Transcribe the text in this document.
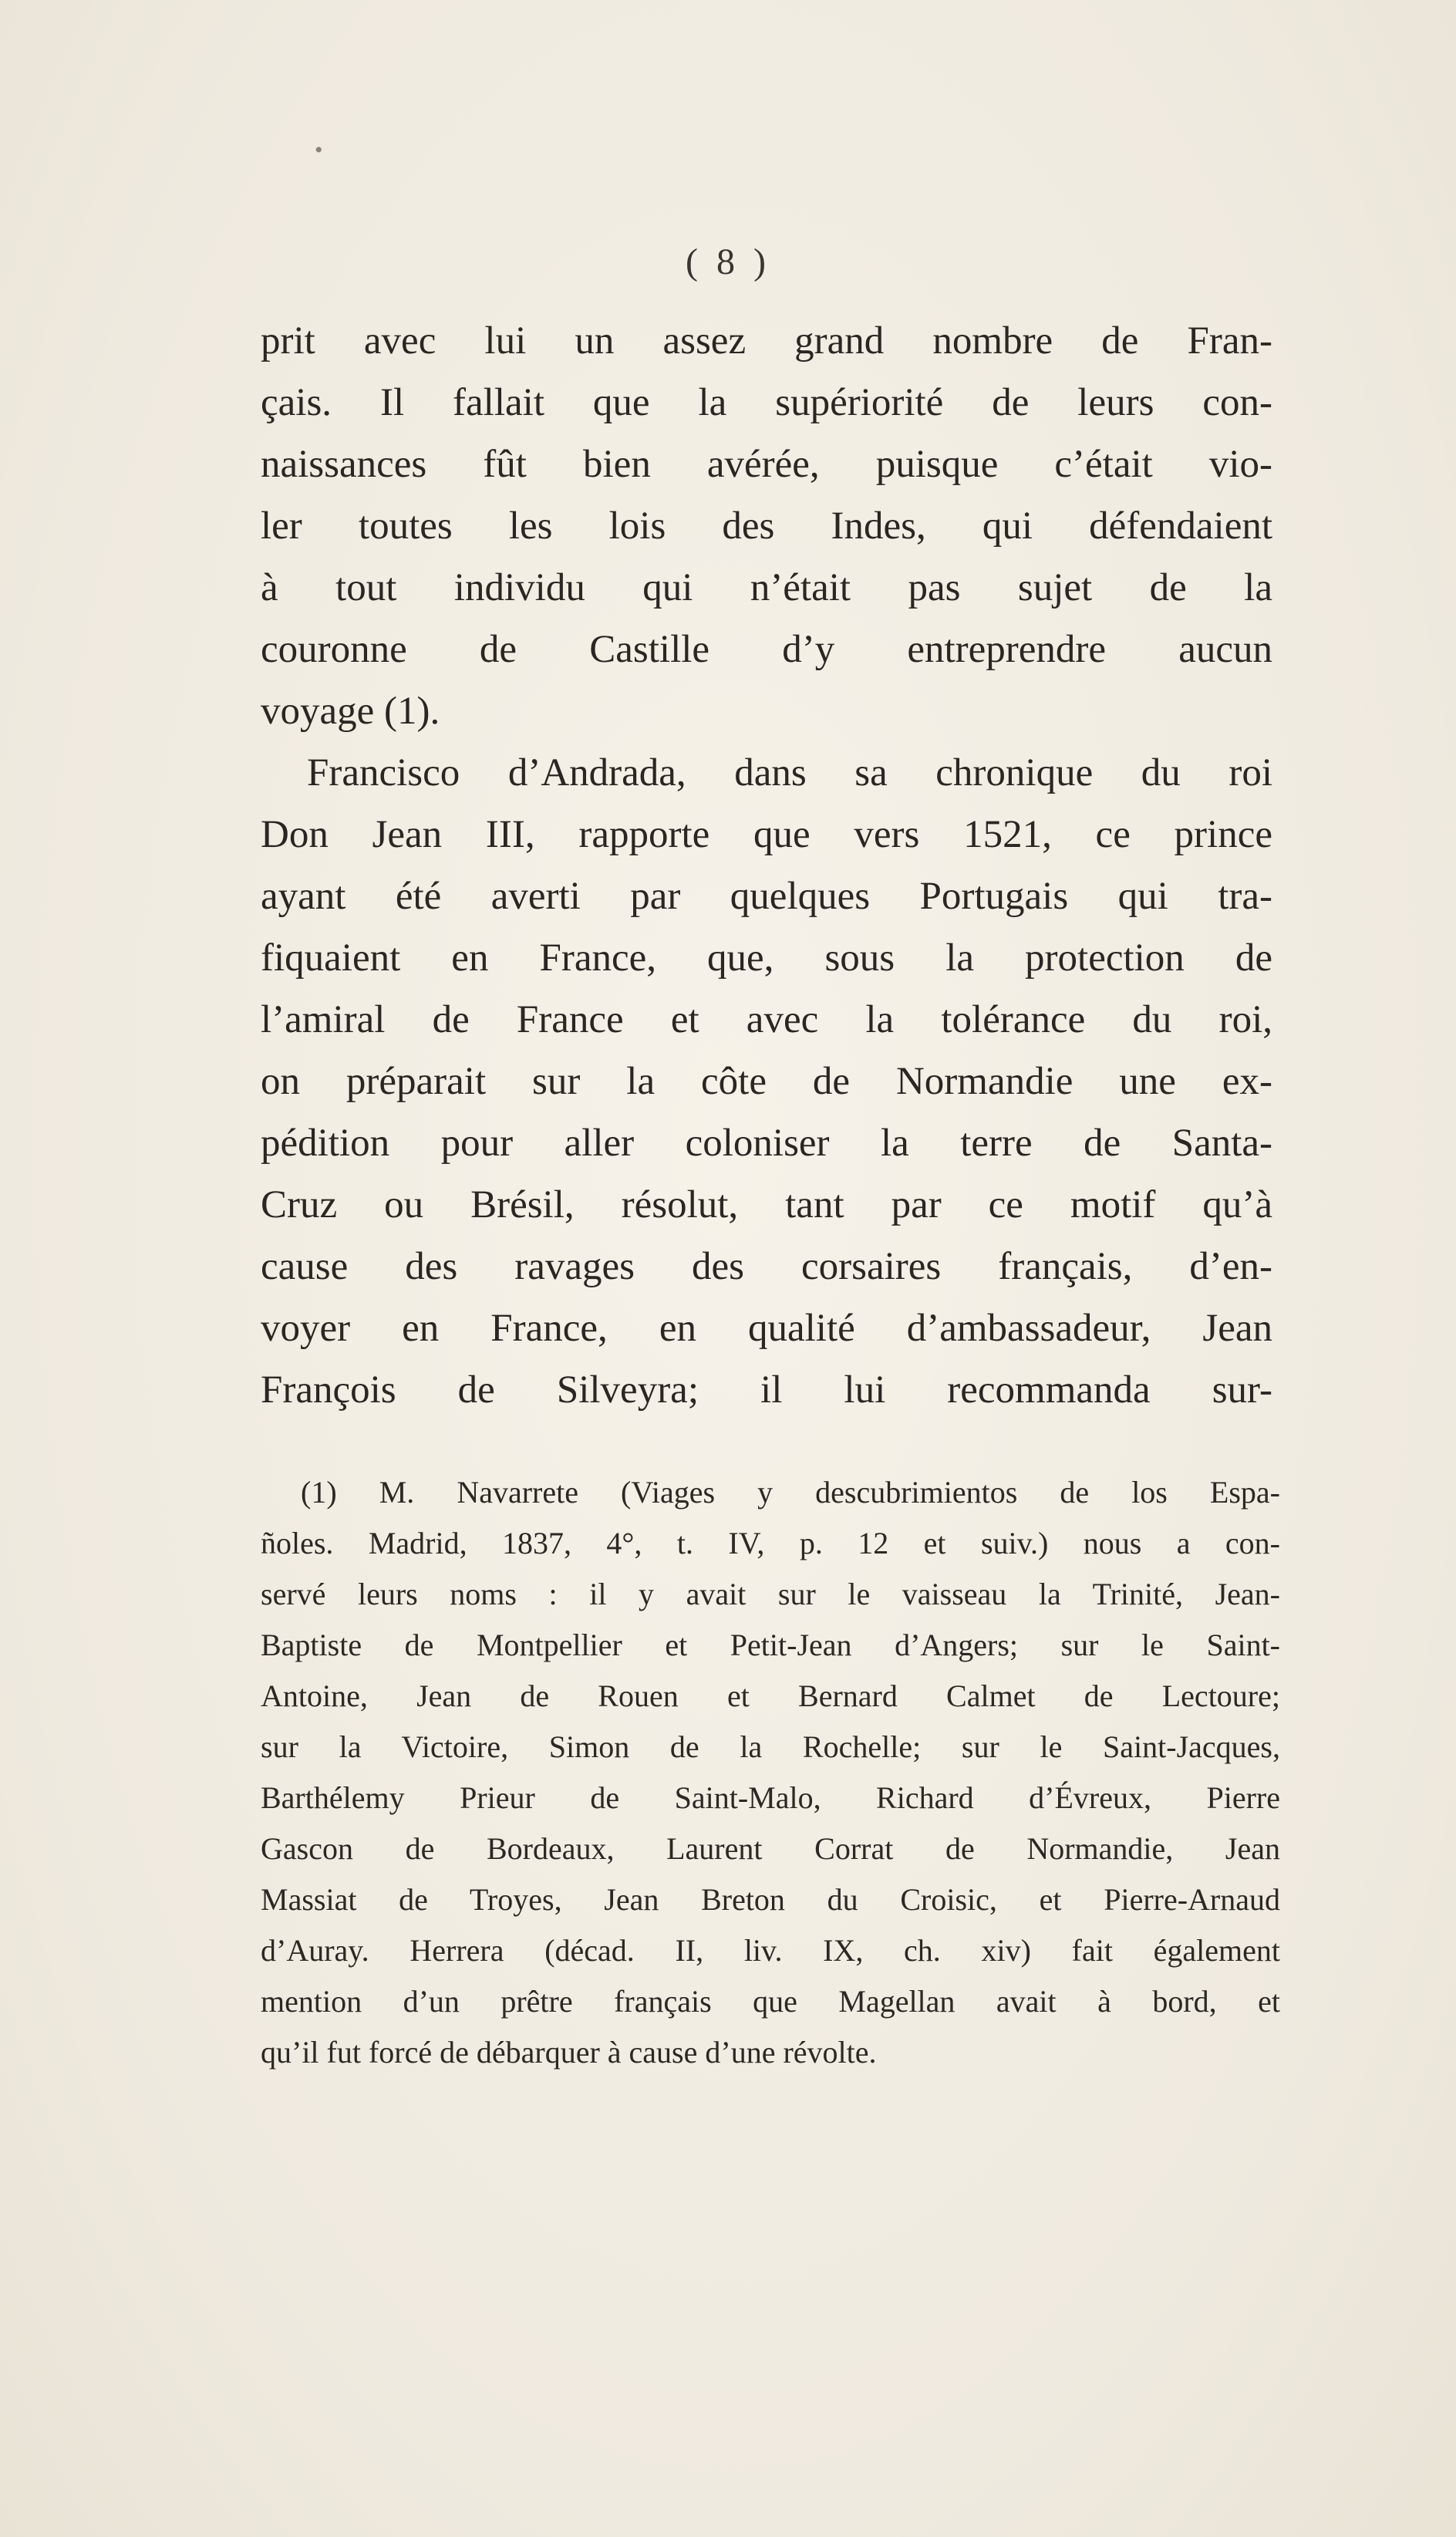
•
( 8 )
prit avec lui un assez grand nombre de Fran-
çais. Il fallait que la supériorité de leurs con-
naissances fût bien avérée, puisque c’était vio-
ler toutes les lois des Indes, qui défendaient
à tout individu qui n’était pas sujet de la
couronne de Castille d’y entreprendre aucun
voyage (1).
Francisco d’Andrada, dans sa chronique du roi
Don Jean III, rapporte que vers 1521, ce prince
ayant été averti par quelques Portugais qui tra-
fiquaient en France, que, sous la protection de
l’amiral de France et avec la tolérance du roi,
on préparait sur la côte de Normandie une ex-
pédition pour aller coloniser la terre de Santa-
Cruz ou Brésil, résolut, tant par ce motif qu’à
cause des ravages des corsaires français, d’en-
voyer en France, en qualité d’ambassadeur, Jean
François de Silveyra; il lui recommanda sur-
(1) M. Navarrete (Viages y descubrimientos de los Espa-
ñoles. Madrid, 1837, 4°, t. IV, p. 12 et suiv.) nous a con-
servé leurs noms : il y avait sur le vaisseau la Trinité, Jean-
Baptiste de Montpellier et Petit-Jean d’Angers; sur le Saint-
Antoine, Jean de Rouen et Bernard Calmet de Lectoure;
sur la Victoire, Simon de la Rochelle; sur le Saint-Jacques,
Barthélemy Prieur de Saint-Malo, Richard d’Évreux, Pierre
Gascon de Bordeaux, Laurent Corrat de Normandie, Jean
Massiat de Troyes, Jean Breton du Croisic, et Pierre-Arnaud
d’Auray. Herrera (décad. II, liv. IX, ch. xiv) fait également
mention d’un prêtre français que Magellan avait à bord, et
qu’il fut forcé de débarquer à cause d’une révolte.
